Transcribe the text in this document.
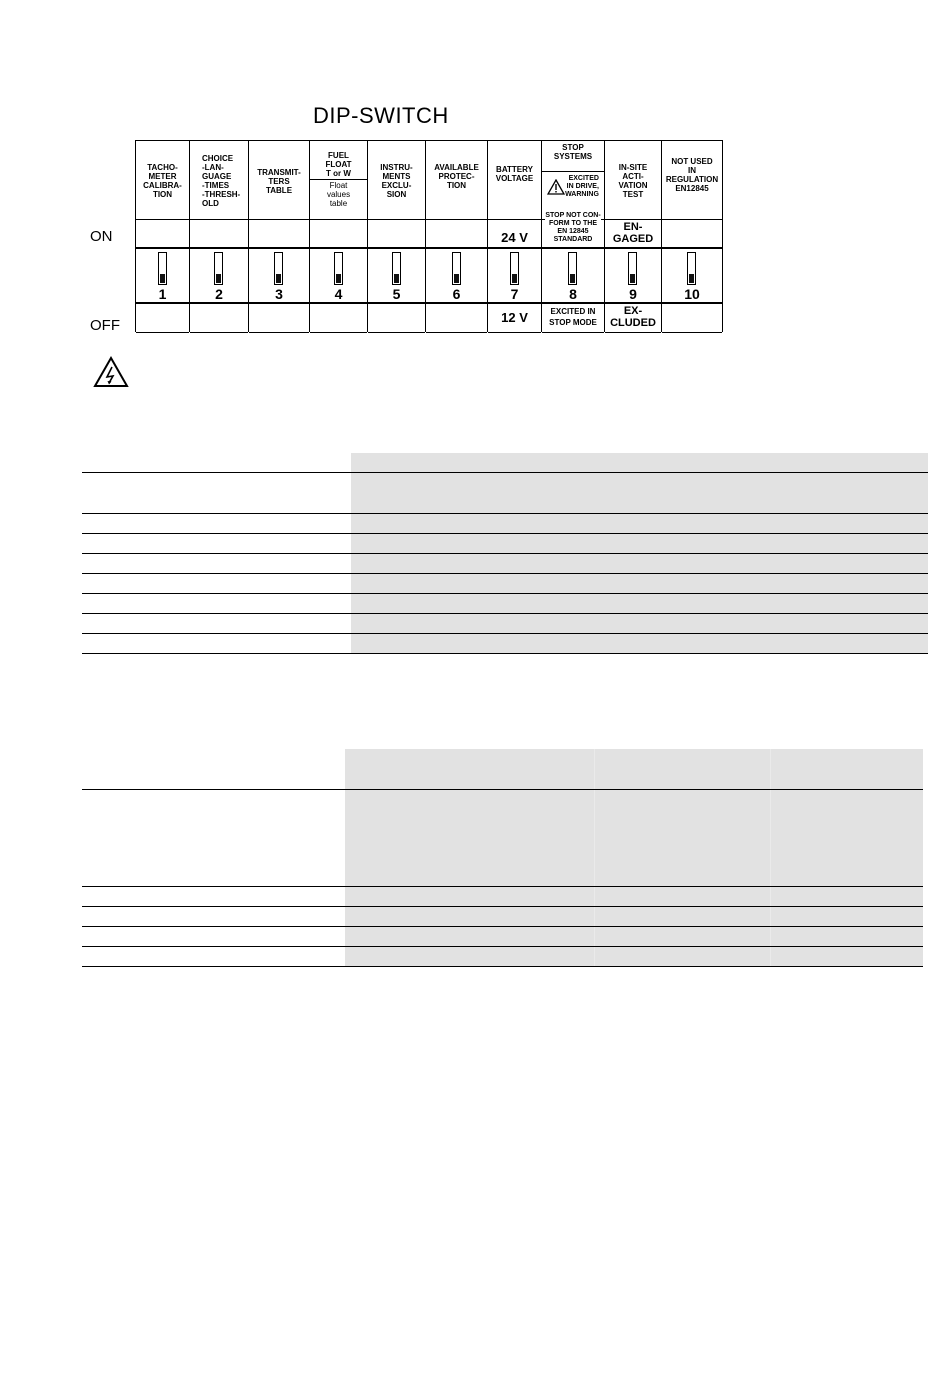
DIP-SWITCH
ON
OFF
TACHO-
METER
CALIBRA-
TION
1
CHOICE
-LAN-
GUAGE
-TIMES
-THRESH-
OLD
2
TRANSMIT-
TERS
TABLE
3
FUEL
FLOAT
T or W
Float
values
table
4
INSTRU-
MENTS
EXCLU-
SION
5
AVAILABLE
PROTEC-
TION
6
BATTERY
VOLTAGE
24 V
7
12 V
STOP
SYSTEMS
EXCITED
IN DRIVE,
WARNING
STOP NOT CON-
FORM TO THE
EN 12845
STANDARD
8
EXCITED IN
STOP MODE
IN-SITE
ACTI-
VATION
TEST
EN-
GAGED
9
EX-
CLUDED
NOT USED
IN
REGULATION
EN12845
10
